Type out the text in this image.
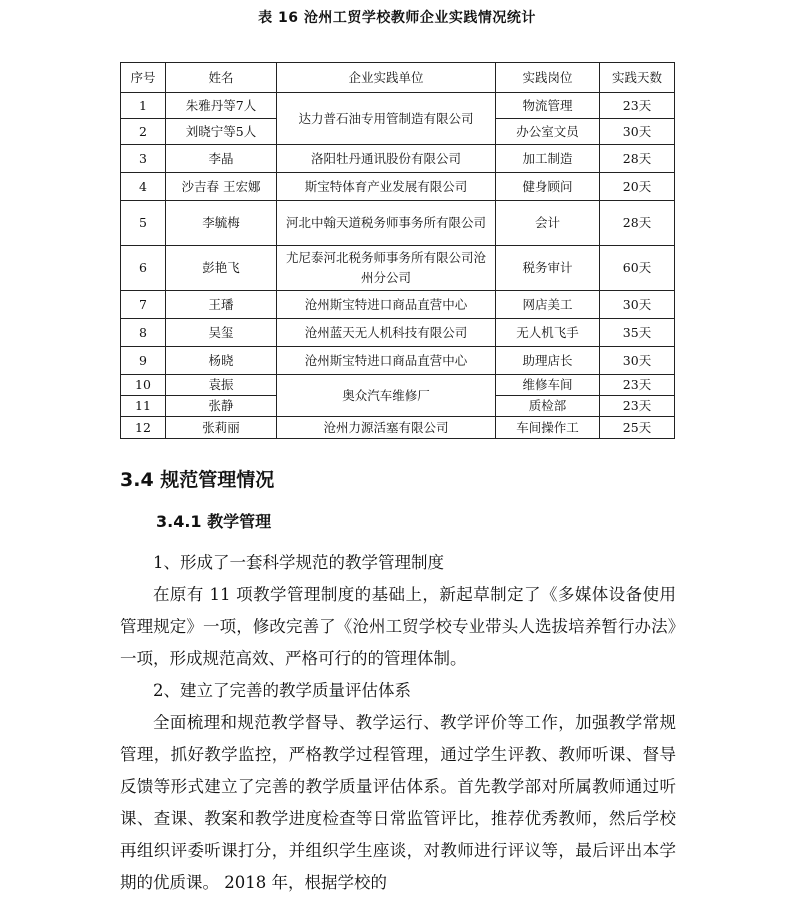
表 16 沧州工贸学校教师企业实践情况统计
序号	姓名	企业实践单位	实践岗位	实践天数
1	朱雅丹等7人	达力普石油专用管制造有限公司	物流管理	23天
2	刘晓宁等5人		办公室文员	30天
3	李晶	洛阳牡丹通讯股份有限公司	加工制造	28天
4	沙吉春 王宏娜	斯宝特体育产业发展有限公司	健身顾问	20天
5	李毓梅	河北中翰天道税务师事务所有限公司	会计	28天
6	彭艳飞	尤尼泰河北税务师事务所有限公司沧州分公司	税务审计	60天
7	王璠	沧州斯宝特进口商品直营中心	网店美工	30天
8	吴玺	沧州蓝天无人机科技有限公司	无人机飞手	35天
9	杨晓	沧州斯宝特进口商品直营中心	助理店长	30天
10	袁振	奥众汽车维修厂	维修车间	23天
11	张静		质检部	23天
12	张莉丽	沧州力源活塞有限公司	车间操作工	25天
3.4 规范管理情况
3.4.1 教学管理

1、形成了一套科学规范的教学管理制度

在原有 11 项教学管理制度的基础上，新起草制定了《多媒体设备使用管理规定》一项，修改完善了《沧州工贸学校专业带头人选拔培养暂行办法》一项，形成规范高效、严格可行的的管理体制。

2、建立了完善的教学质量评估体系

全面梳理和规范教学督导、教学运行、教学评价等工作，加强教学常规管理，抓好教学监控，严格教学过程管理，通过学生评教、教师听课、督导反馈等形式建立了完善的教学质量评估体系。首先教学部对所属教师通过听课、查课、教案和教学进度检查等日常监管评比，推荐优秀教师，然后学校再组织评委听课打分，并组织学生座谈，对教师进行评议等，最后评出本学期的优质课。 2018 年，根据学校的
